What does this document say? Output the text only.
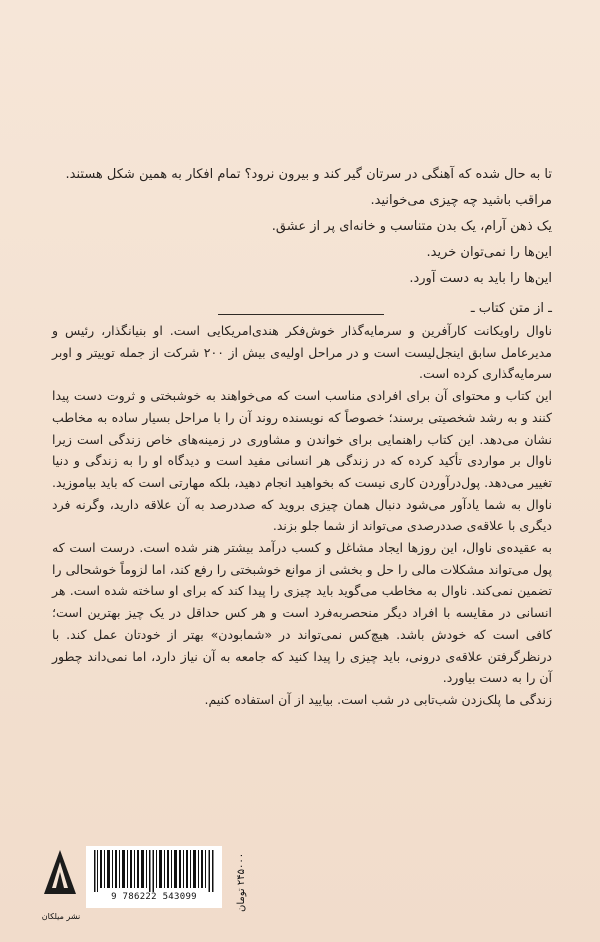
تا به حال شده که آهنگی در سرتان گیر کند و بیرون نرود؟ تمام افکار به همین شکل هستند.
مراقب باشید چه چیزی می‌خوانید.
یک ذهن آرام، یک بدن متناسب و خانه‌ای پر از عشق.
این‌ها را نمی‌توان خرید.
این‌ها را باید به دست آورد.
ـ از متن کتاب ـ

ناوال راویکانت کارآفرین و سرمایه‌گذار خوش‌فکر هندی‌امریکایی است. او بنیانگذار، رئیس و مدیرعامل سابق اینجل‌لیست است و در مراحل اولیه‌ی بیش از ۲۰۰ شرکت از جمله توییتر و اوبر سرمایه‌گذاری کرده است.

این کتاب و محتوای آن برای افرادی مناسب است که می‌خواهند به خوشبختی و ثروت دست پیدا کنند و به رشد شخصیتی برسند؛ خصوصاً که نویسنده روند آن را با مراحل بسیار ساده به مخاطب نشان می‌دهد. این کتاب راهنمایی برای خواندن و مشاوری در زمینه‌های خاص زندگی است زیرا ناوال بر مواردی تأکید کرده که در زندگی هر انسانی مفید است و دیدگاه او را به زندگی و دنیا تغییر می‌دهد. پول‌درآوردن کاری نیست که بخواهید انجام دهید، بلکه مهارتی است که باید بیاموزید. ناوال به شما یادآور می‌شود دنبال همان چیزی بروید که صددرصد به آن علاقه دارید، وگرنه فرد دیگری با علاقه‌ی صددرصدی می‌تواند از شما جلو بزند.

به عقیده‌ی ناوال، این روزها ایجاد مشاغل و کسب درآمد بیشتر هنر شده است. درست است که پول می‌تواند مشکلات مالی را حل و بخشی از موانع خوشبختی را رفع کند، اما لزوماً خوشحالی را تضمین نمی‌کند. ناوال به مخاطب می‌گوید باید چیزی را پیدا کند که برای او ساخته شده است. هر انسانی در مقایسه با افراد دیگر منحصربه‌فرد است و هر کس حداقل در یک چیز بهترین است؛ کافی است که خودش باشد. هیچ‌کس نمی‌تواند در «شمابودن» بهتر از خودتان عمل کند. با درنظرگرفتن علاقه‌ی درونی، باید چیزی را پیدا کنید که جامعه به آن نیاز دارد، اما نمی‌داند چطور آن را به دست بیاورد.

زندگی ما پلک‌زدن شب‌تابی در شب است. بیایید از آن استفاده کنیم.

۲۴۵۰۰۰ تومان
9 786222 543099
نشر میلکان
